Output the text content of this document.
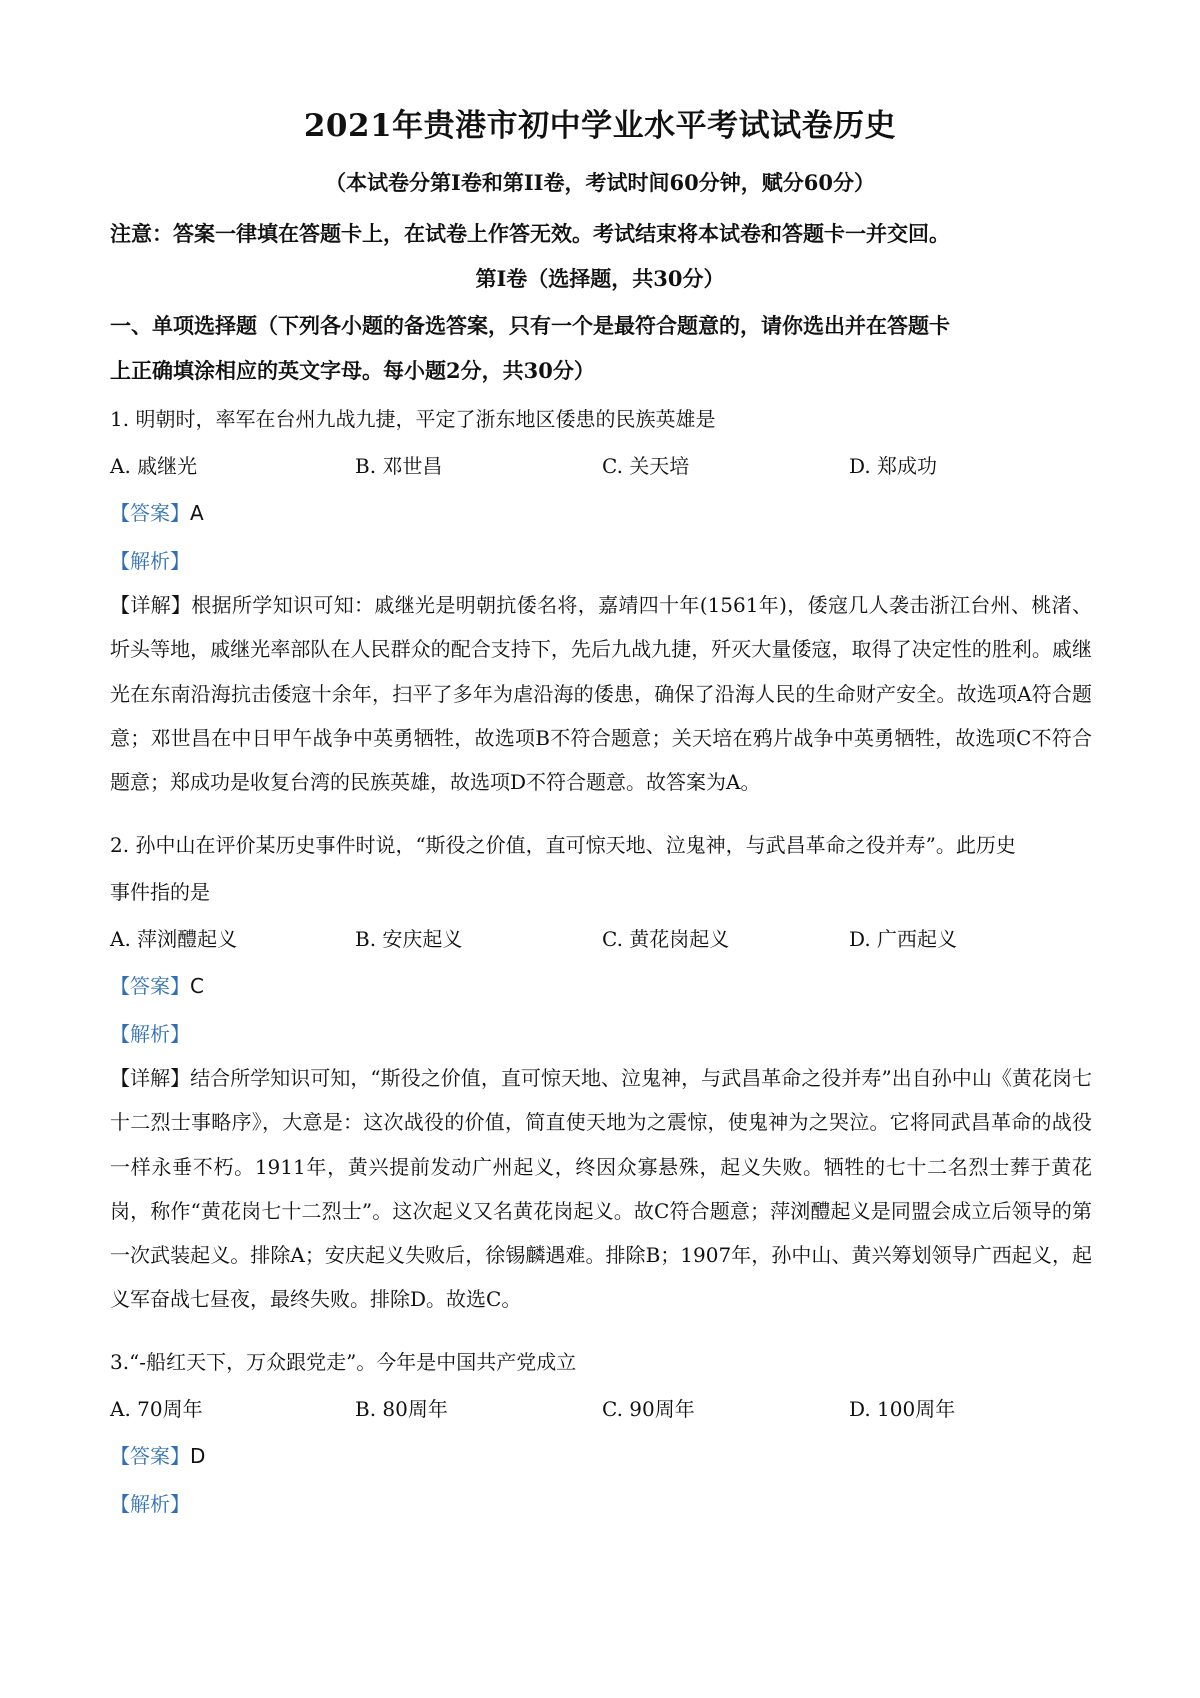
2021年贵港市初中学业水平考试试卷历史
（本试卷分第Ⅰ卷和第II卷，考试时间60分钟，赋分60分）
注意：答案一律填在答题卡上，在试卷上作答无效。考试结束将本试卷和答题卡一并交回。
第Ⅰ卷（选择题，共30分）
一、单项选择题（下列各小题的备选答案，只有一个是最符合题意的，请你选出并在答题卡
上正确填涂相应的英文字母。每小题2分，共30分）
1. 明朝时，率军在台州九战九捷，平定了浙东地区倭患的民族英雄是
A. 戚继光	B. 邓世昌	C. 关天培	D. 郑成功
【答案】A
【解析】
【详解】根据所学知识可知：戚继光是明朝抗倭名将，嘉靖四十年(1561年)，倭寇几人袭击浙江台州、桃渚、圻头等地，戚继光率部队在人民群众的配合支持下，先后九战九捷，歼灭大量倭寇，取得了决定性的胜利。戚继光在东南沿海抗击倭寇十余年，扫平了多年为虐沿海的倭患，确保了沿海人民的生命财产安全。故选项A符合题意；邓世昌在中日甲午战争中英勇牺牲，故选项B不符合题意；关天培在鸦片战争中英勇牺牲，故选项C不符合题意；郑成功是收复台湾的民族英雄，故选项D不符合题意。故答案为A。
2. 孙中山在评价某历史事件时说，“斯役之价值，直可惊天地、泣鬼神，与武昌革命之役并寿”。此历史
事件指的是
A. 萍浏醴起义	B. 安庆起义	C. 黄花岗起义	D. 广西起义
【答案】C
【解析】
【详解】结合所学知识可知，“斯役之价值，直可惊天地、泣鬼神，与武昌革命之役并寿”出自孙中山《黄花岗七十二烈士事略序》，大意是：这次战役的价值，简直使天地为之震惊，使鬼神为之哭泣。它将同武昌革命的战役一样永垂不朽。1911年，黄兴提前发动广州起义，终因众寡悬殊，起义失败。牺牲的七十二名烈士葬于黄花岗，称作“黄花岗七十二烈士”。这次起义又名黄花岗起义。故C符合题意；萍浏醴起义是同盟会成立后领导的第一次武装起义。排除A；安庆起义失败后，徐锡麟遇难。排除B；1907年，孙中山、黄兴筹划领导广西起义，起义军奋战七昼夜，最终失败。排除D。故选C。
3.“-船红天下，万众跟党走”。今年是中国共产党成立
A. 70周年	B. 80周年	C. 90周年	D. 100周年
【答案】D
【解析】
